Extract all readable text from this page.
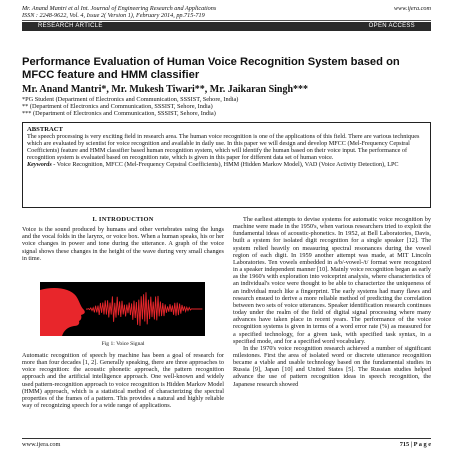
Mr. Anand Mantri et al Int. Journal of Engineering Research and Applications	www.ijera.com
ISSN : 2248-9622, Vol. 4, Issue 2( Version 1), February 2014, pp.715-719
RESEARCH ARTICLE	OPEN ACCESS
Performance Evaluation of Human Voice Recognition System based on MFCC feature and HMM classifier
Mr. Anand Mantri*, Mr. Mukesh Tiwari**, Mr. Jaikaran Singh***
*PG Student (Department of Electronics and Communication, SSSIST, Sehore, India)
** (Department of Electronics and Communication, SSSIST, Sehore, India)
*** (Department of Electronics and Communication, SSSIST, Sehore, India)
ABSTRACT
The speech processing is very exciting field in research area. The human voice recognition is one of the applications of this field. There are various techniques which are evaluated by scientist for voice recognition and available in daily use. In this paper we will design and develop MFCC (Mel-Frequency Cepstral Coefficients) feature and HMM classifier based human recognition system, which will identify the human based on their voice input. The performance of recognition system is evaluated based on recognition rate, which is given in this paper for different data set of human voice.
Keywords - Voice Recognition, MFCC (Mel-Frequency Cepstral Coefficients), HMM (Hidden Markov Model), VAD (Voice Activity Detection), LPC
I. INTRODUCTION
Voice is the sound produced by humans and other vertebrates using the lungs and the vocal folds in the larynx, or voice box. When a human speaks, his or her voice changes in power and tone during the utterance. A graph of the voice signal shows these changes in the height of the wave during very small changes in time.
Fig 1: Voice Signal
Automatic recognition of speech by machine has been a goal of research for more than four decades [1, 2]. Generally speaking, there are three approaches to voice recognition: the acoustic phonetic approach, the pattern recognition approach and the artificial intelligence approach. One well-known and widely used pattern-recognition approach to voice recognition is Hidden Markov Model (HMM) approach, which is a statistical method of characterizing the spectral properties of the frames of a pattern. This provides a natural and highly reliable way of recognizing speech for a wide range of applications.
The earliest attempts to devise systems for automatic voice recognition by machine were made in the 1950's, when various researchers tried to exploit the fundamental ideas of acoustic-phonetics. In 1952, at Bell Laboratories, Davis, built a system for isolated digit recognition for a single speaker [12]. The system relied heavily on measuring spectral resonances during the vowel region of each digit. In 1959 another attempt was made, at MIT Lincoln Laboratories. Ten vowels embedded in a/b/-vowel-/t/ format were recognized in a speaker independent manner [10]. Mainly voice recognition began as early as the 1960's with exploration into voiceprint analysis, where characteristics of an individual's voice were thought to be able to characterize the uniqueness of an individual much like a fingerprint. The early systems had many flaws and research ensued to derive a more reliable method of predicting the correlation between two sets of voice utterances. Speaker identification research continues today under the realm of the field of digital signal processing where many advances have taken place in recent years. The performance of the voice recognition systems is given in terms of a word error rate (%) as measured for a specified technology, for a given task, with specified task syntax, in a specified mode, and for a specified word vocabulary.
In the 1970's voice recognition research achieved a number of significant milestones. First the area of isolated word or discrete utterance recognition became a viable and usable technology based on the fundamental studies in Russia [9], Japan [10] and United States [5]. The Russian studies helped advance the use of pattern recognition ideas in speech recognition, the Japanese research showed
www.ijera.com	715 | P a g e
